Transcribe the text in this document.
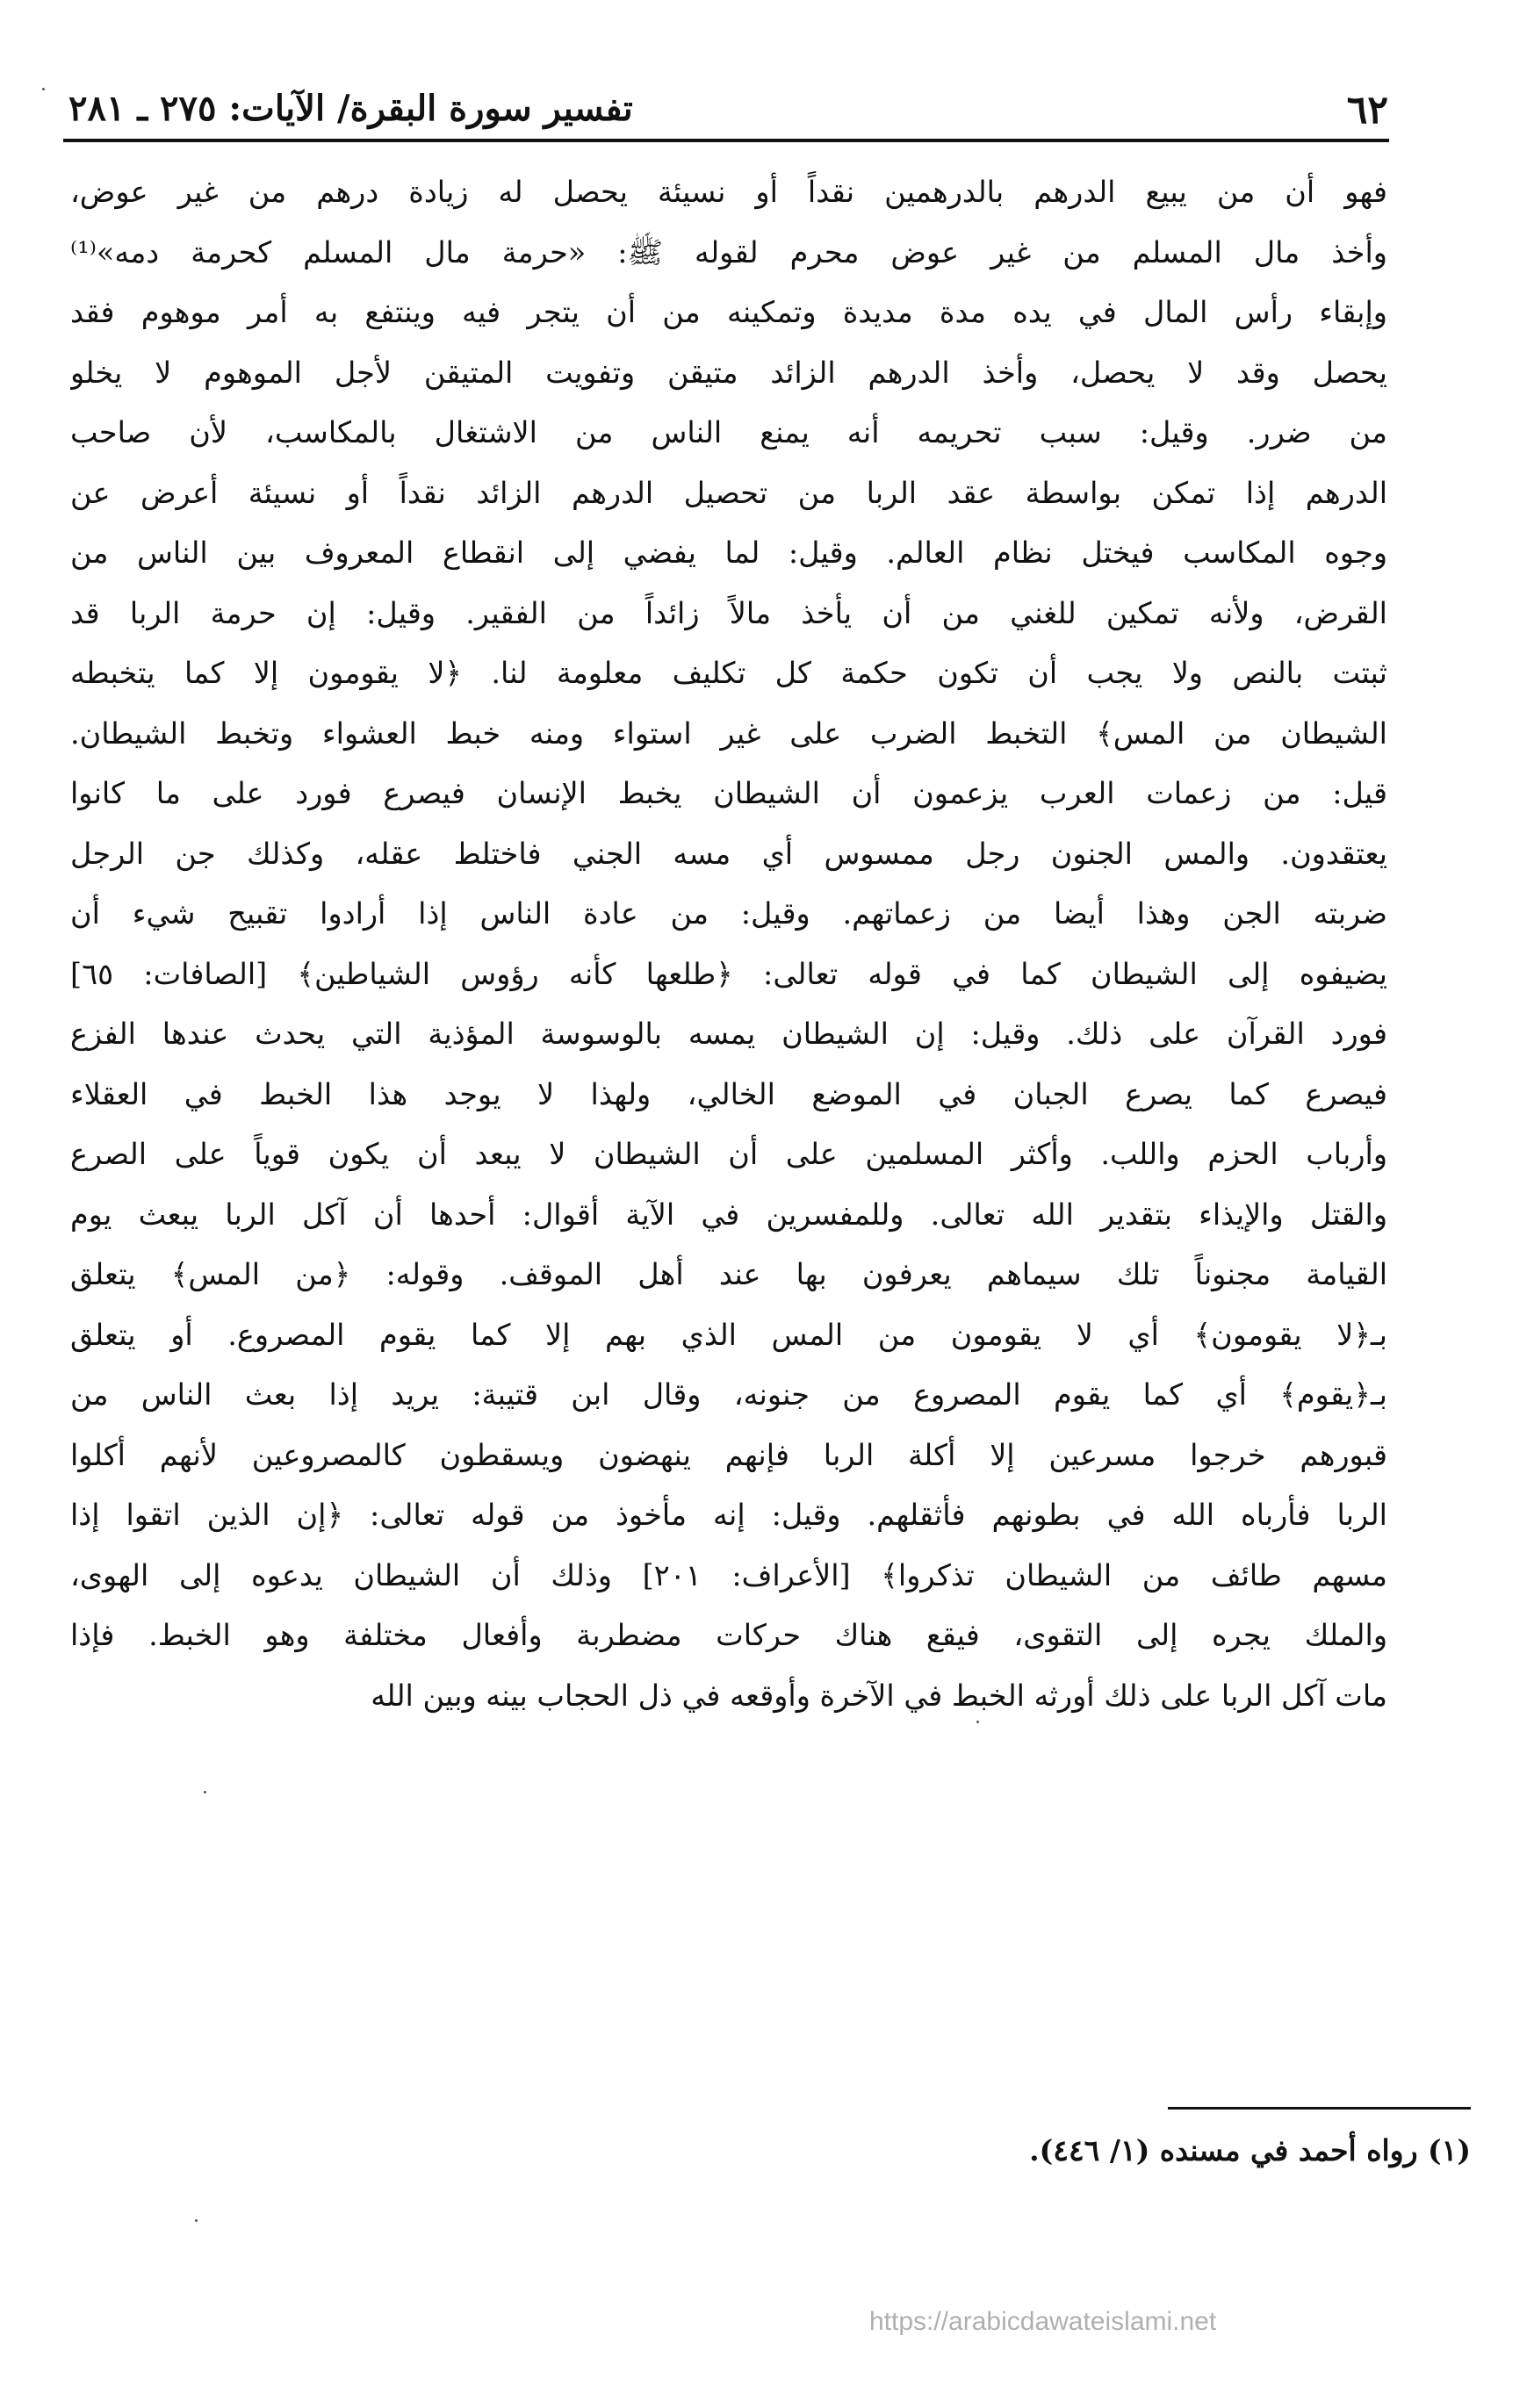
٦٢
تفسير سورة البقرة/ الآيات: ٢٧٥ ـ ٢٨١
فهو أن من يبيع الدرهم بالدرهمين نقداً أو نسيئة يحصل له زيادة درهم من غير عوض،
وأخذ مال المسلم من غير عوض محرم لقوله ﷺ: «حرمة مال المسلم كحرمة دمه»⁽¹⁾
وإبقاء رأس المال في يده مدة مديدة وتمكينه من أن يتجر فيه وينتفع به أمر موهوم فقد
يحصل وقد لا يحصل، وأخذ الدرهم الزائد متيقن وتفويت المتيقن لأجل الموهوم لا يخلو
من ضرر. وقيل: سبب تحريمه أنه يمنع الناس من الاشتغال بالمكاسب، لأن صاحب
الدرهم إذا تمكن بواسطة عقد الربا من تحصيل الدرهم الزائد نقداً أو نسيئة أعرض عن
وجوه المكاسب فيختل نظام العالم. وقيل: لما يفضي إلى انقطاع المعروف بين الناس من
القرض، ولأنه تمكين للغني من أن يأخذ مالاً زائداً من الفقير. وقيل: إن حرمة الربا قد
ثبتت بالنص ولا يجب أن تكون حكمة كل تكليف معلومة لنا. ﴿لا يقومون إلا كما يتخبطه
الشيطان من المس﴾ التخبط الضرب على غير استواء ومنه خبط العشواء وتخبط الشيطان.
قيل: من زعمات العرب يزعمون أن الشيطان يخبط الإنسان فيصرع فورد على ما كانوا
يعتقدون. والمس الجنون رجل ممسوس أي مسه الجني فاختلط عقله، وكذلك جن الرجل
ضربته الجن وهذا أيضا من زعماتهم. وقيل: من عادة الناس إذا أرادوا تقبيح شيء أن
يضيفوه إلى الشيطان كما في قوله تعالى: ﴿طلعها كأنه رؤوس الشياطين﴾ [الصافات: ٦٥]
فورد القرآن على ذلك. وقيل: إن الشيطان يمسه بالوسوسة المؤذية التي يحدث عندها الفزع
فيصرع كما يصرع الجبان في الموضع الخالي، ولهذا لا يوجد هذا الخبط في العقلاء
وأرباب الحزم واللب. وأكثر المسلمين على أن الشيطان لا يبعد أن يكون قوياً على الصرع
والقتل والإيذاء بتقدير الله تعالى. وللمفسرين في الآية أقوال: أحدها أن آكل الربا يبعث يوم
القيامة مجنوناً تلك سيماهم يعرفون بها عند أهل الموقف. وقوله: ﴿من المس﴾ يتعلق
بـ﴿لا يقومون﴾ أي لا يقومون من المس الذي بهم إلا كما يقوم المصروع. أو يتعلق
بـ﴿يقوم﴾ أي كما يقوم المصروع من جنونه، وقال ابن قتيبة: يريد إذا بعث الناس من
قبورهم خرجوا مسرعين إلا أكلة الربا فإنهم ينهضون ويسقطون كالمصروعين لأنهم أكلوا
الربا فأرباه الله في بطونهم فأثقلهم. وقيل: إنه مأخوذ من قوله تعالى: ﴿إن الذين اتقوا إذا
مسهم طائف من الشيطان تذكروا﴾ [الأعراف: ٢٠١] وذلك أن الشيطان يدعوه إلى الهوى،
والملك يجره إلى التقوى، فيقع هناك حركات مضطربة وأفعال مختلفة وهو الخبط. فإذا
مات آكل الربا على ذلك أورثه الخبط في الآخرة وأوقعه في ذل الحجاب بينه وبين الله
(١) رواه أحمد في مسنده (١/ ٤٤٦).
https://arabicdawateislami.net
